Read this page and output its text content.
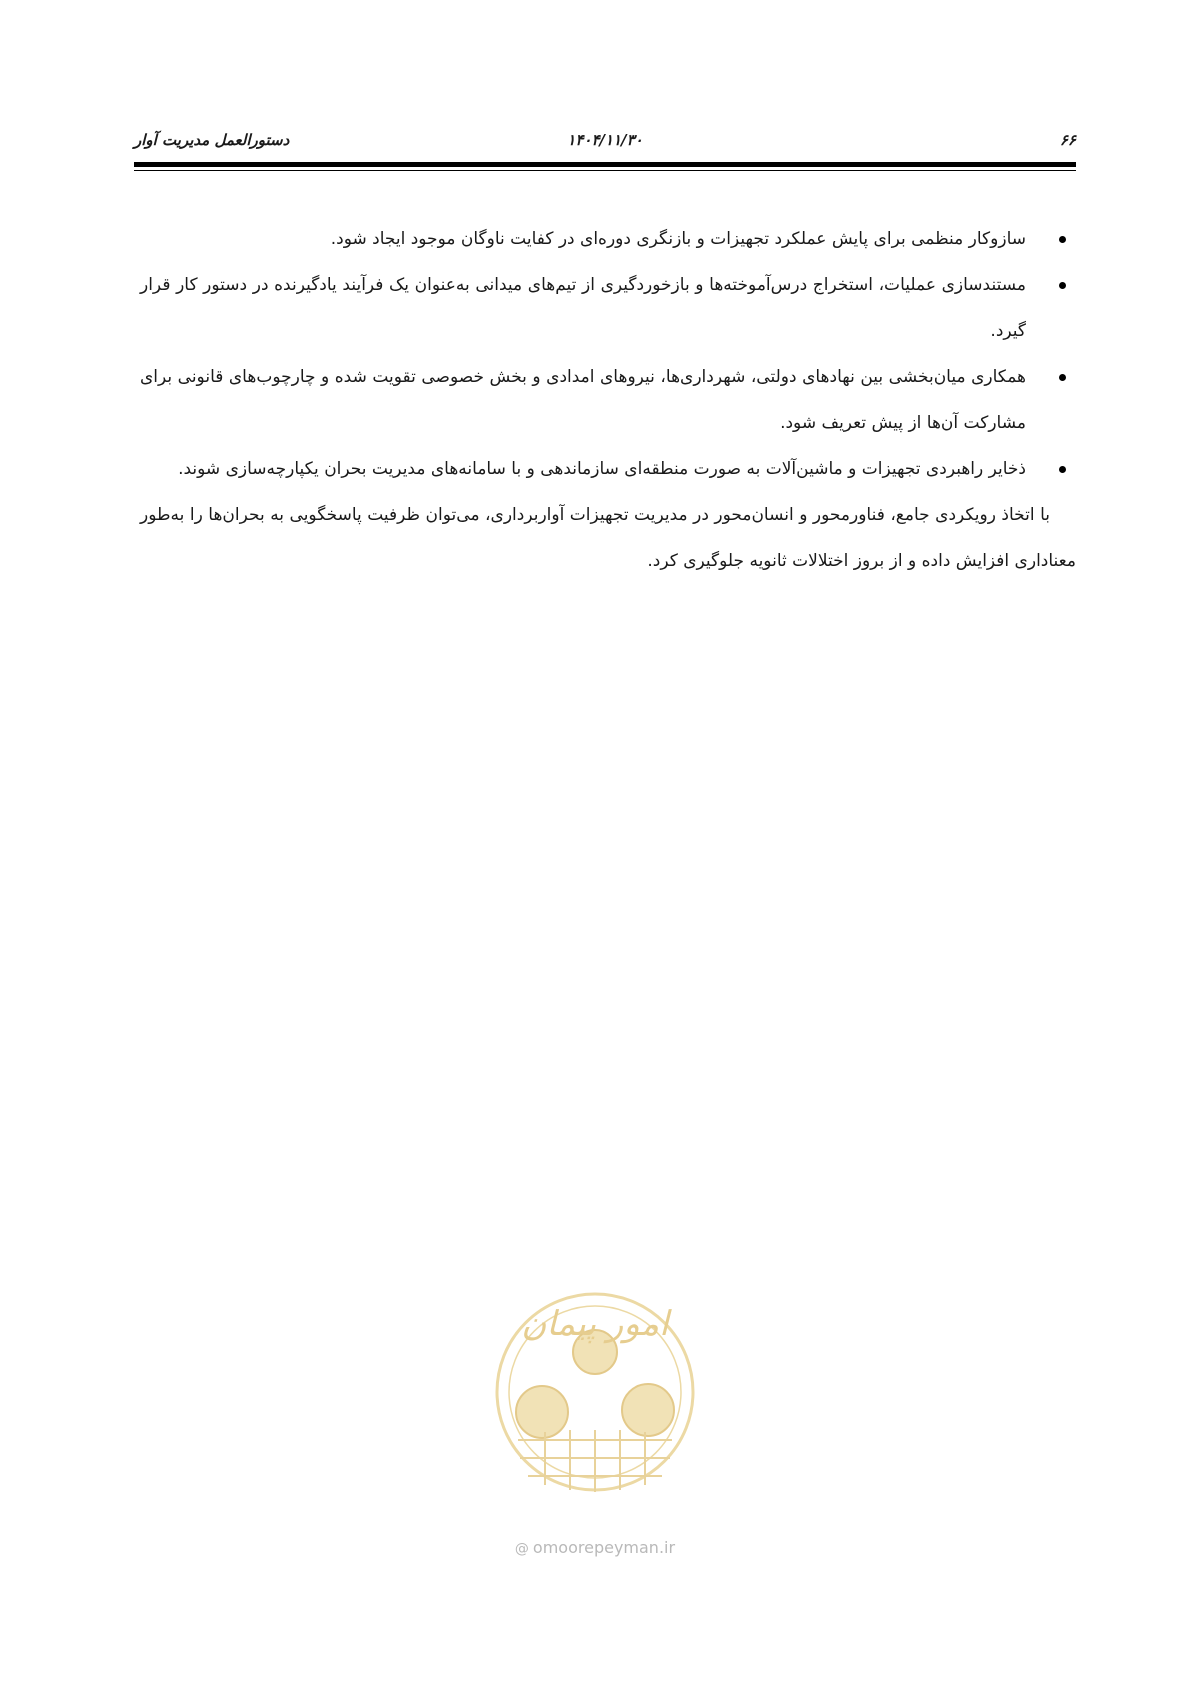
۶۶
۱۴۰۴/۱۱/۳۰
دستورالعمل مدیریت آوار
سازوکار منظمی برای پایش عملکرد تجهیزات و بازنگری دوره‌ای در کفایت ناوگان موجود ایجاد شود.
مستندسازی عملیات، استخراج درس‌آموخته‌ها و بازخوردگیری از تیم‌های میدانی به‌عنوان یک فرآیند یادگیرنده در دستور کار قرار گیرد.
همکاری میان‌بخشی بین نهادهای دولتی، شهرداری‌ها، نیروهای امدادی و بخش خصوصی تقویت شده و چارچوب‌های قانونی برای مشارکت آن‌ها از پیش تعریف شود.
ذخایر راهبردی تجهیزات و ماشین‌آلات به صورت منطقه‌ای سازماندهی و با سامانه‌های مدیریت بحران یکپارچه‌سازی شوند.

با اتخاذ رویکردی جامع، فناورمحور و انسان‌محور در مدیریت تجهیزات آواربرداری، می‌توان ظرفیت پاسخگویی به بحران‌ها را به‌طور معناداری افزایش داده و از بروز اختلالات ثانویه جلوگیری کرد.

امور پیمان
@ omoorepeyman.ir
